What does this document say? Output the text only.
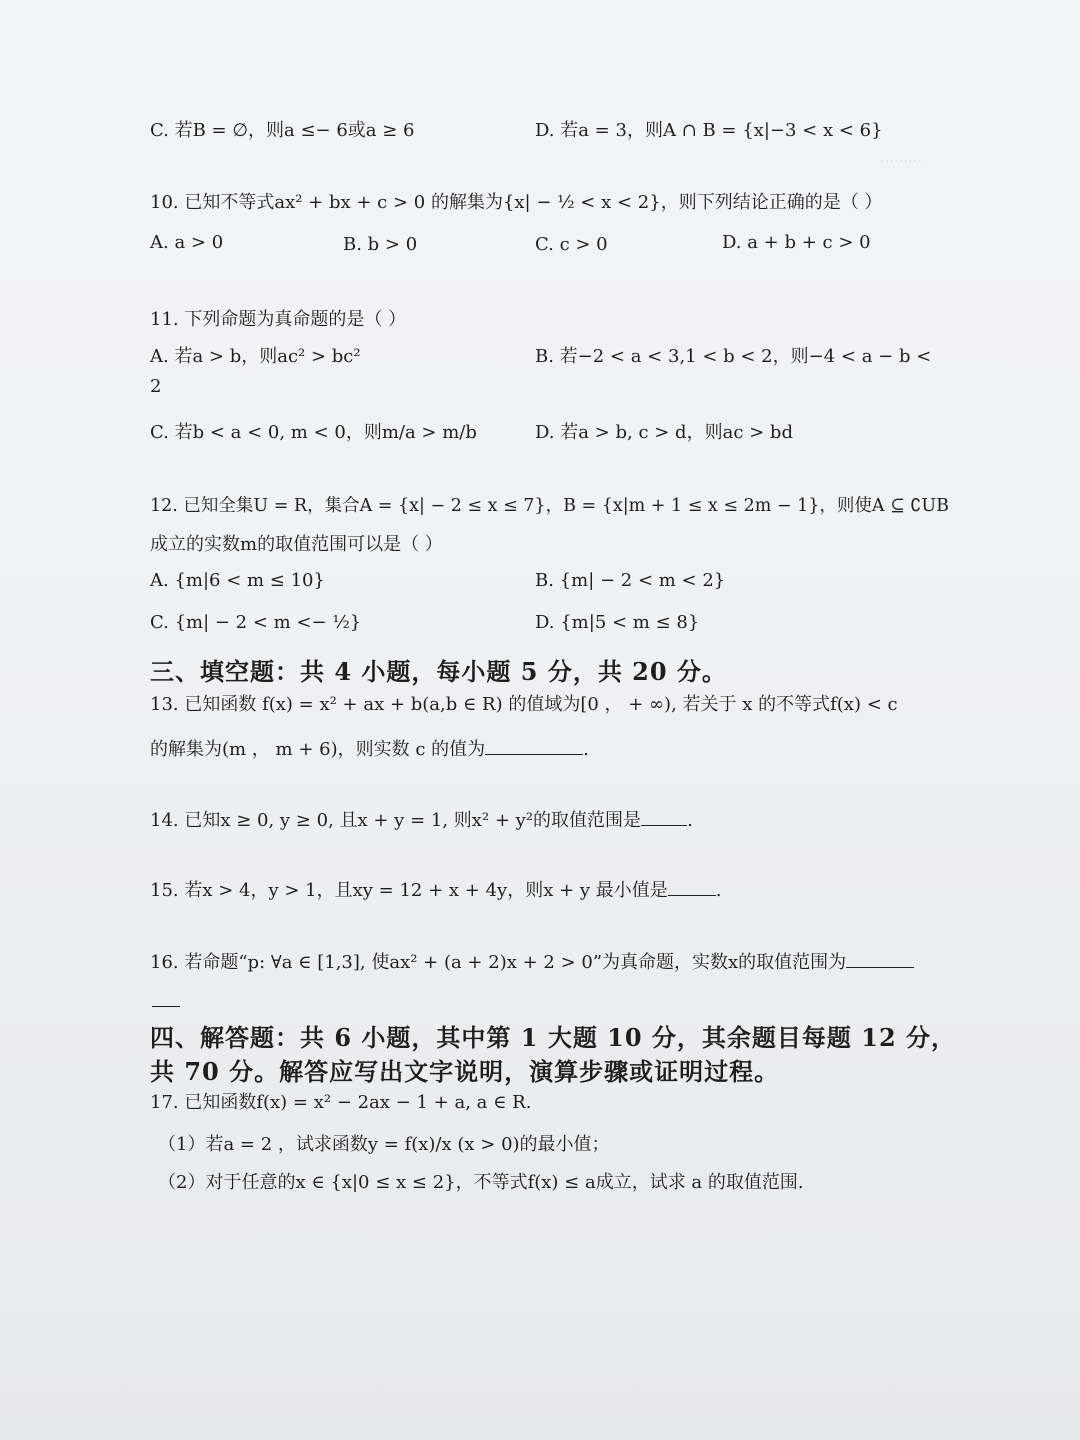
………
C. 若B = ∅，则a ≤− 6或a ≥ 6	D. 若a = 3，则A ∩ B = {x|−3 < x < 6}
10. 已知不等式ax² + bx + c > 0 的解集为{x| − ½ < x < 2}，则下列结论正确的是（ ）
A. a > 0	B. b > 0	C. c > 0	D. a + b + c > 0
11. 下列命题为真命题的是（ ）
A. 若a > b，则ac² > bc²	B. 若−2 < a < 3,1 < b < 2，则−4 < a − b <
2
C. 若b < a < 0, m < 0，则m/a > m/b	D. 若a > b, c > d，则ac > bd
12. 已知全集U = R，集合A = {x| − 2 ≤ x ≤ 7}，B = {x|m + 1 ≤ x ≤ 2m − 1}，则使A ⊆ ∁UB
成立的实数m的取值范围可以是（ ）
A. {m|6 < m ≤ 10}	B. {m| − 2 < m < 2}
C. {m| − 2 < m <− ½}	D. {m|5 < m ≤ 8}
三、填空题：共 4 小题，每小题 5 分，共 20 分。
13. 已知函数 f(x) = x² + ax + b(a,b ∈ R) 的值域为[0 ， + ∞), 若关于 x 的不等式f(x) < c
的解集为(m ， m + 6)，则实数 c 的值为	.
14. 已知x ≥ 0, y ≥ 0, 且x + y = 1, 则x² + y²的取值范围是	.
15. 若x > 4，y > 1，且xy = 12 + x + 4y，则x + y 最小值是	.
16. 若命题“p: ∀a ∈ [1,3], 使ax² + (a + 2)x + 2 > 0”为真命题，实数x的取值范围为
四、解答题：共 6 小题，其中第 1 大题 10 分，其余题目每题 12 分，
共 70 分。解答应写出文字说明，演算步骤或证明过程。
17. 已知函数f(x) = x² − 2ax − 1 + a, a ∈ R.
（1）若a = 2 ，试求函数y = f(x)/x (x > 0)的最小值；
（2）对于任意的x ∈ {x|0 ≤ x ≤ 2}，不等式f(x) ≤ a成立，试求 a 的取值范围.
